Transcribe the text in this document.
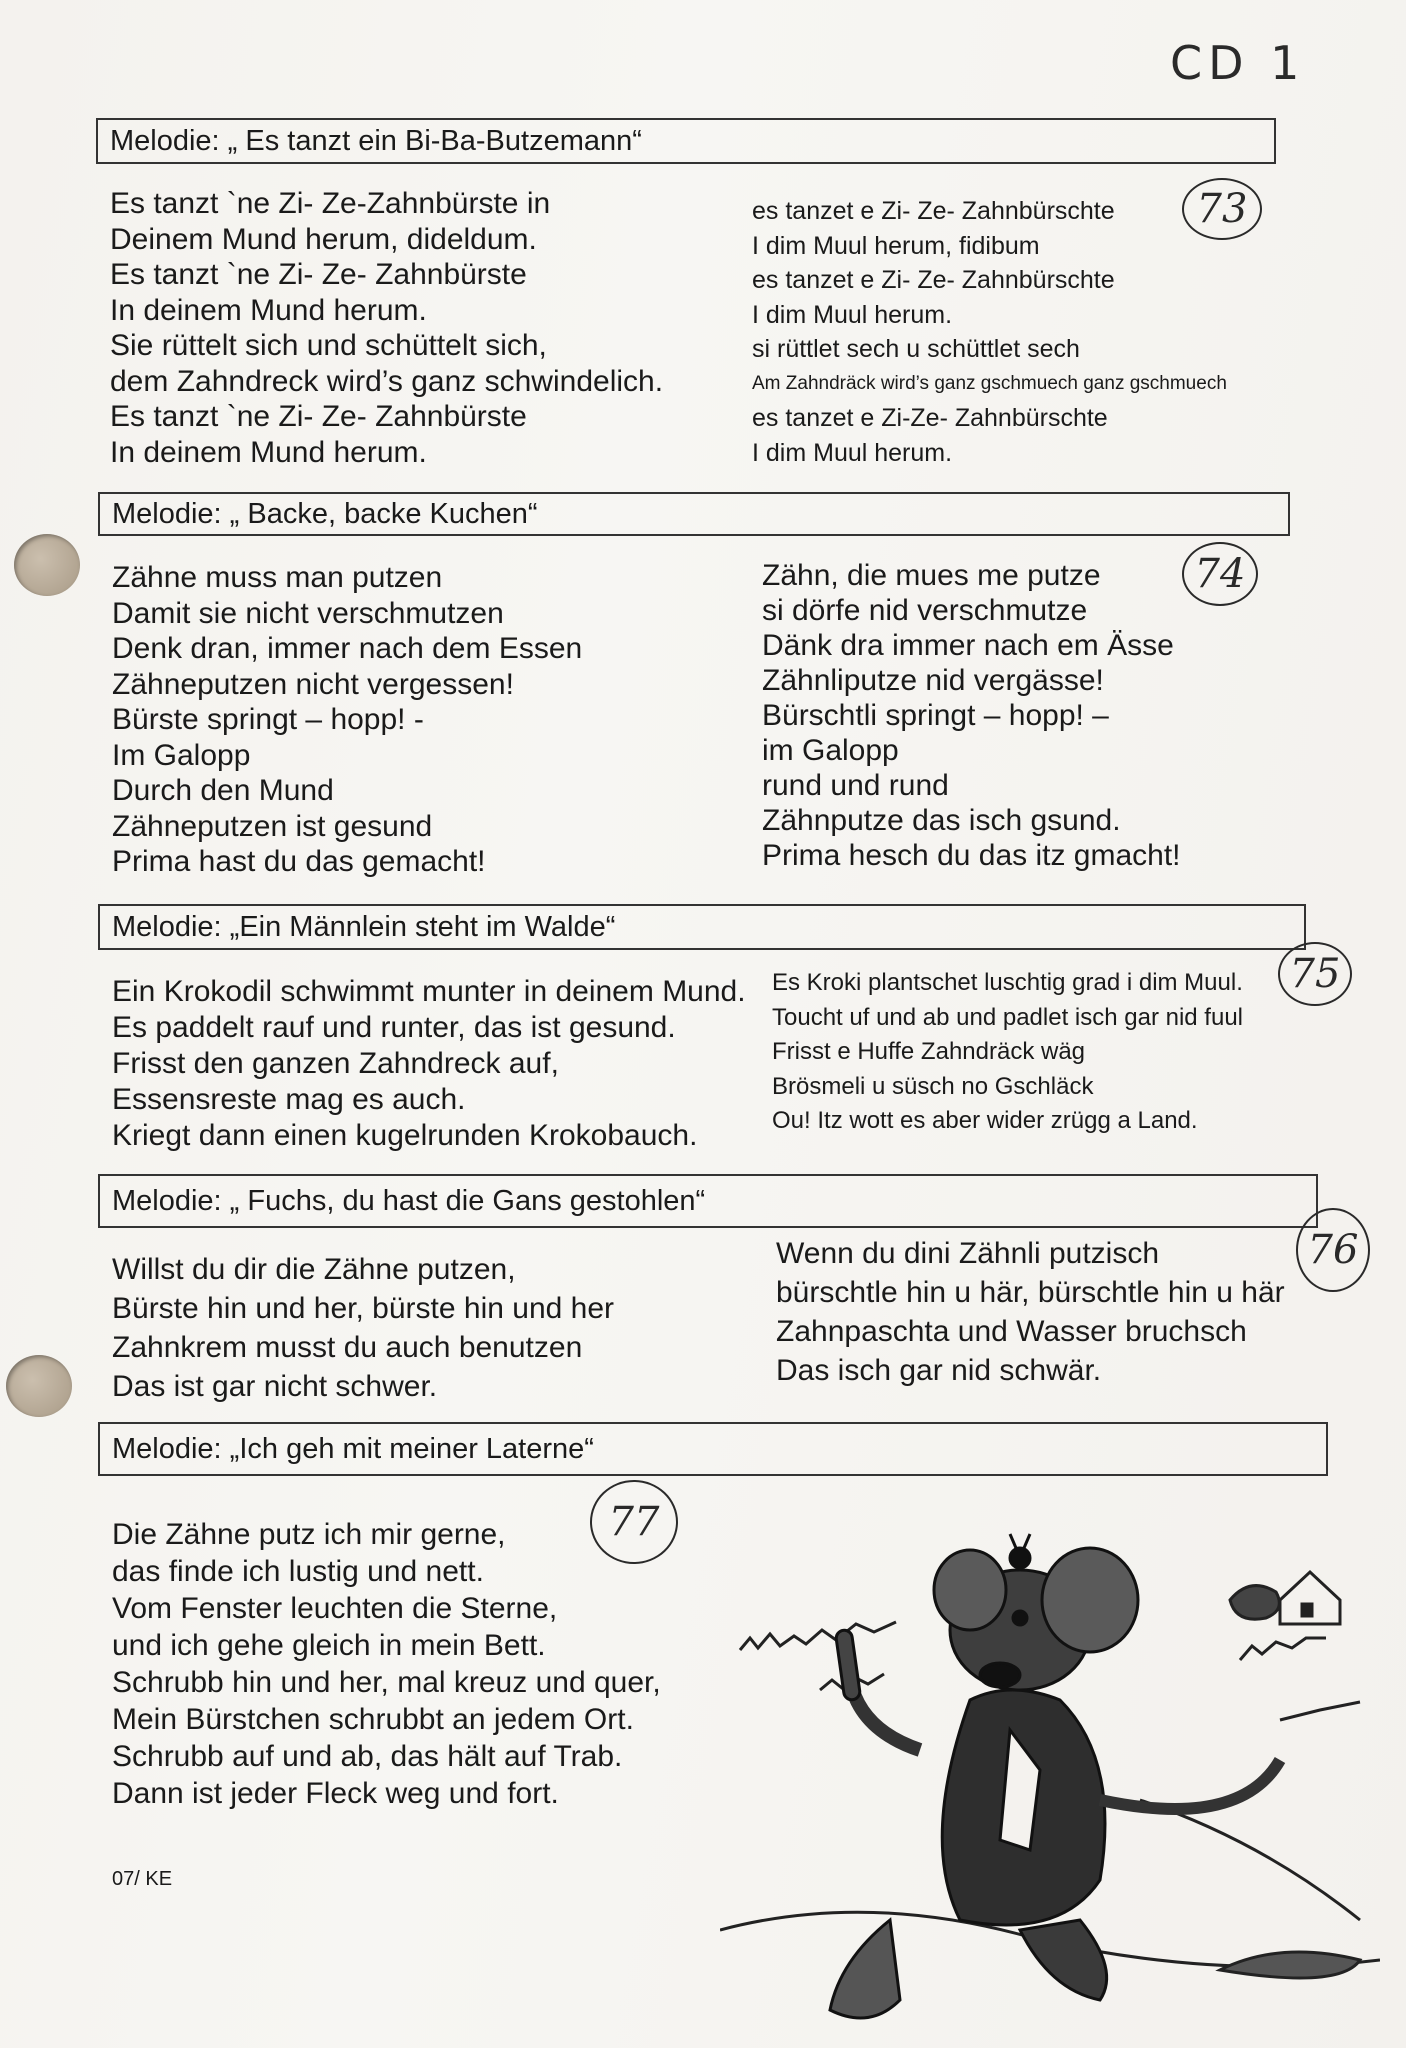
CD 1
Melodie: „ Es tanzt ein Bi-Ba-Butzemann“
73
Es tanzt `ne Zi- Ze-Zahnbürste in
Deinem Mund herum, dideldum.
Es tanzt `ne Zi- Ze- Zahnbürste
In deinem Mund herum.
Sie rüttelt sich und schüttelt sich,
dem Zahndreck wird’s ganz schwindelich.
Es tanzt `ne Zi- Ze- Zahnbürste
In deinem Mund herum.
es tanzet e Zi- Ze- Zahnbürschte
I dim Muul herum, fidibum
es tanzet e Zi- Ze- Zahnbürschte
I dim Muul herum.
si rüttlet sech u schüttlet sech
Am Zahndräck wird’s ganz gschmuech ganz gschmuech
es tanzet e Zi-Ze- Zahnbürschte
I dim Muul herum.
Melodie: „ Backe, backe Kuchen“
74
Zähne muss man putzen
Damit sie nicht verschmutzen
Denk dran, immer nach dem Essen
Zähneputzen nicht vergessen!
Bürste springt – hopp! -
Im Galopp
Durch den Mund
Zähneputzen ist gesund
Prima hast du das gemacht!
Zähn, die mues me putze
si dörfe nid verschmutze
Dänk dra immer nach em Ässe
Zähnliputze nid vergässe!
Bürschtli springt – hopp! –
im Galopp
rund und rund
Zähnputze das isch gsund.
Prima hesch du das itz gmacht!
Melodie: „Ein Männlein steht im Walde“
75
Ein Krokodil schwimmt munter in deinem Mund.
Es paddelt rauf und runter, das ist gesund.
Frisst den ganzen Zahndreck auf,
Essensreste mag es auch.
Kriegt dann einen kugelrunden Krokobauch.
Es Kroki plantschet luschtig grad i dim Muul.
Toucht uf und ab und padlet isch gar nid fuul
Frisst e Huffe Zahndräck wäg
Brösmeli u süsch no Gschläck
Ou! Itz wott es aber wider zrügg a Land.
Melodie: „ Fuchs, du hast die Gans gestohlen“
76
Willst du dir die Zähne putzen,
Bürste hin und her, bürste hin und her
Zahnkrem musst du auch benutzen
Das ist gar nicht schwer.
Wenn du dini Zähnli putzisch
bürschtle hin u här, bürschtle hin u här
Zahnpaschta und Wasser bruchsch
Das isch gar nid schwär.
Melodie: „Ich geh mit meiner Laterne“
77
Die Zähne putz ich mir gerne,
das finde ich lustig und nett.
Vom Fenster leuchten die Sterne,
und ich gehe gleich in mein Bett.
Schrubb hin und her, mal kreuz und quer,
Mein Bürstchen schrubbt an jedem Ort.
Schrubb auf und ab, das hält auf Trab.
Dann ist jeder Fleck weg und fort.
07/ KE
